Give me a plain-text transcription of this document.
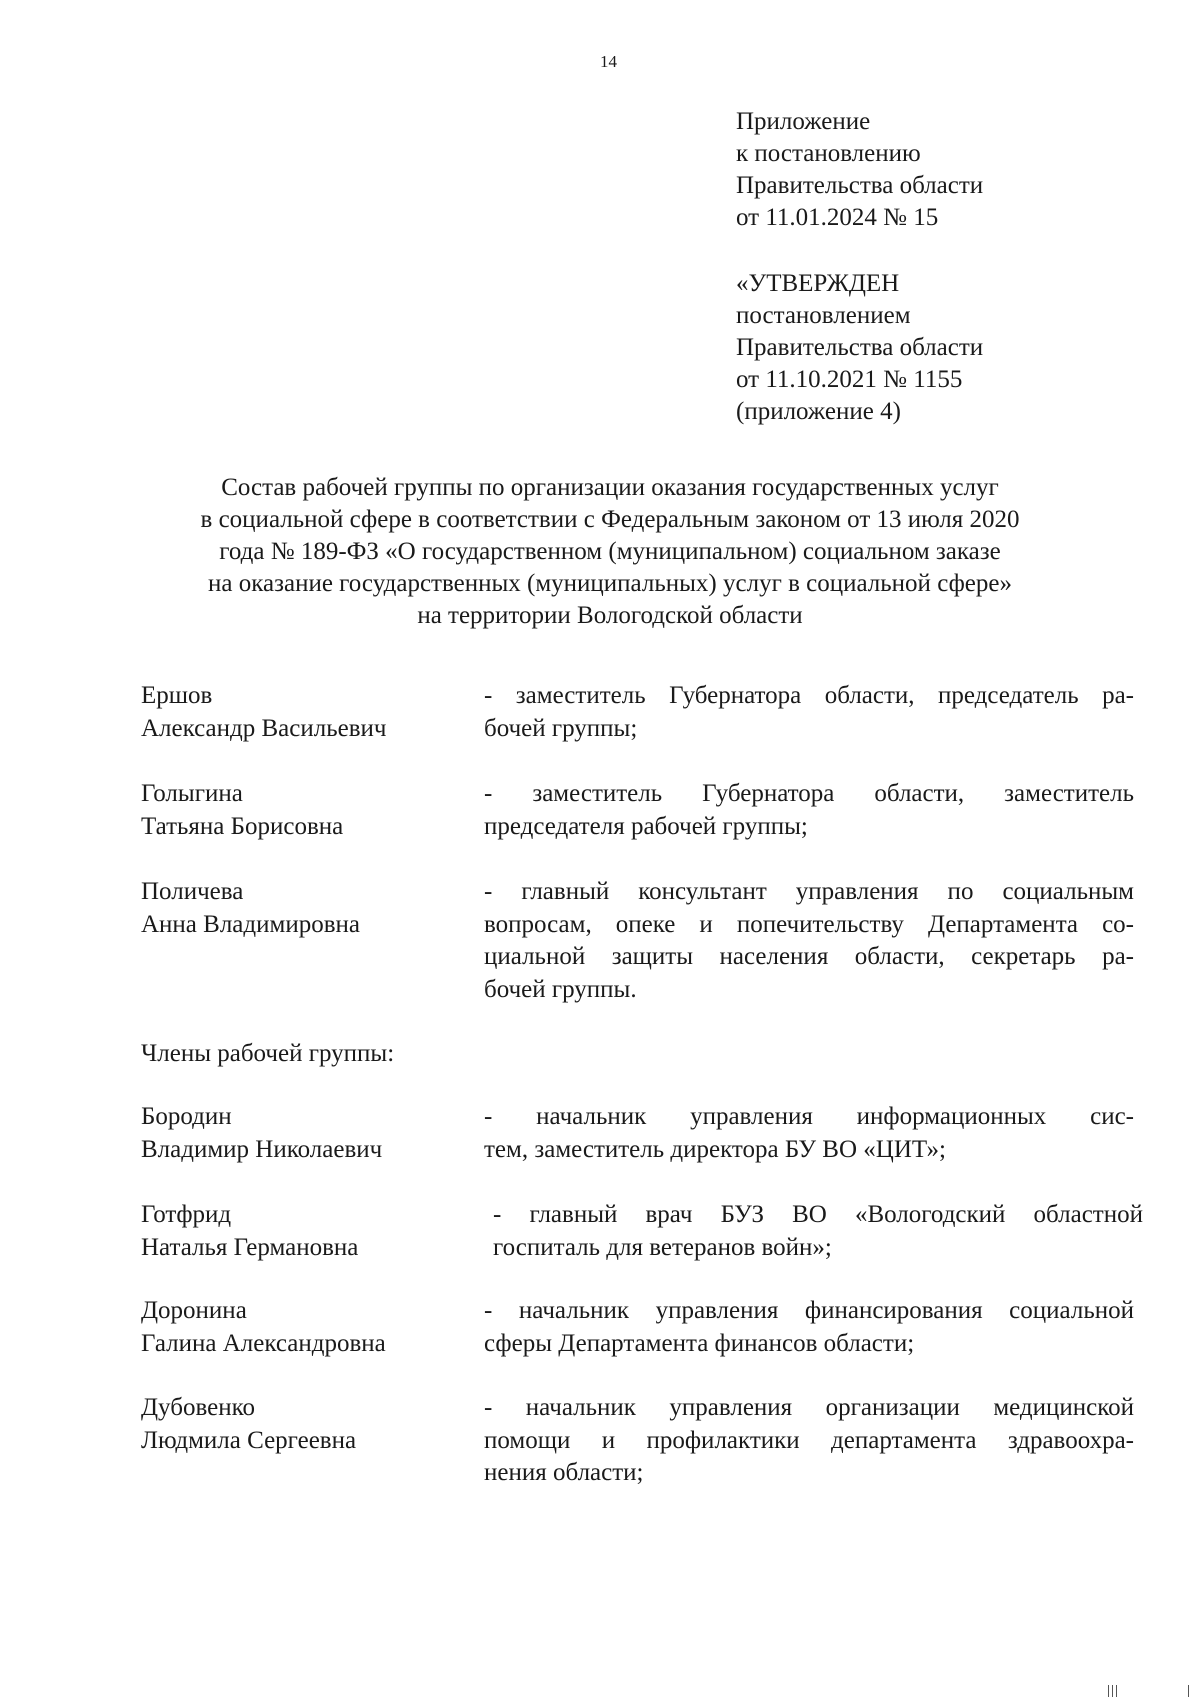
14
Приложение
к постановлению
Правительства области
от 11.01.2024 № 15
«УТВЕРЖДЕН
постановлением
Правительства области
от 11.10.2021 № 1155
(приложение 4)
Состав рабочей группы по организации оказания государственных услуг
в социальной сфере в соответствии с Федеральным законом от 13 июля 2020
года № 189-ФЗ «О государственном (муниципальном) социальном заказе
на оказание государственных (муниципальных) услуг в социальной сфере»
на территории Вологодской области
Ершов
Александр Васильевич
- заместитель Губернатора области, председатель ра-
бочей группы;
Голыгина
Татьяна Борисовна
- заместитель Губернатора области, заместитель
председателя рабочей группы;
Поличева
Анна Владимировна
- главный консультант управления по социальным
вопросам, опеке и попечительству Департамента со-
циальной защиты населения области, секретарь ра-
бочей группы.
Члены рабочей группы:
Бородин
Владимир Николаевич
- начальник управления информационных сис-
тем, заместитель директора БУ ВО «ЦИТ»;
Готфрид
Наталья Германовна
- главный врач БУЗ ВО «Вологодский областной
госпиталь для ветеранов войн»;
Доронина
Галина Александровна
- начальник управления финансирования социальной
сферы Департамента финансов области;
Дубовенко
Людмила Сергеевна
- начальник управления организации медицинской
помощи и профилактики департамента здравоохра-
нения области;
